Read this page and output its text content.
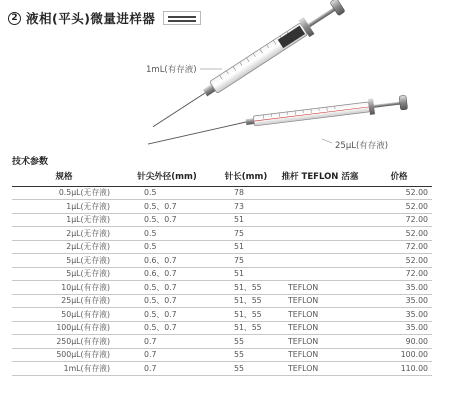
2 液相(平头)微量进样器
1mL(有存液)
25μL(有存液)
技术参数
规格	针尖外径(mm)	针长(mm)	推杆 TEFLON 活塞	价格
0.5μL(无存液)	0.5	78		52.00
1μL(无存液)	0.5、0.7	73		52.00
1μL(无存液)	0.5、0.7	51		72.00
2μL(无存液)	0.5	75		52.00
2μL(无存液)	0.5	51		72.00
5μL(无存液)	0.6、0.7	75		52.00
5μL(无存液)	0.6、0.7	51		72.00
10μL(有存液)	0.5、0.7	51、55	TEFLON	35.00
25μL(有存液)	0.5、0.7	51、55	TEFLON	35.00
50μL(有存液)	0.5、0.7	51、55	TEFLON	35.00
100μL(有存液)	0.5、0.7	51、55	TEFLON	35.00
250μL(有存液)	0.7	55	TEFLON	90.00
500μL(有存液)	0.7	55	TEFLON	100.00
1mL(有存液)	0.7	55	TEFLON	110.00
